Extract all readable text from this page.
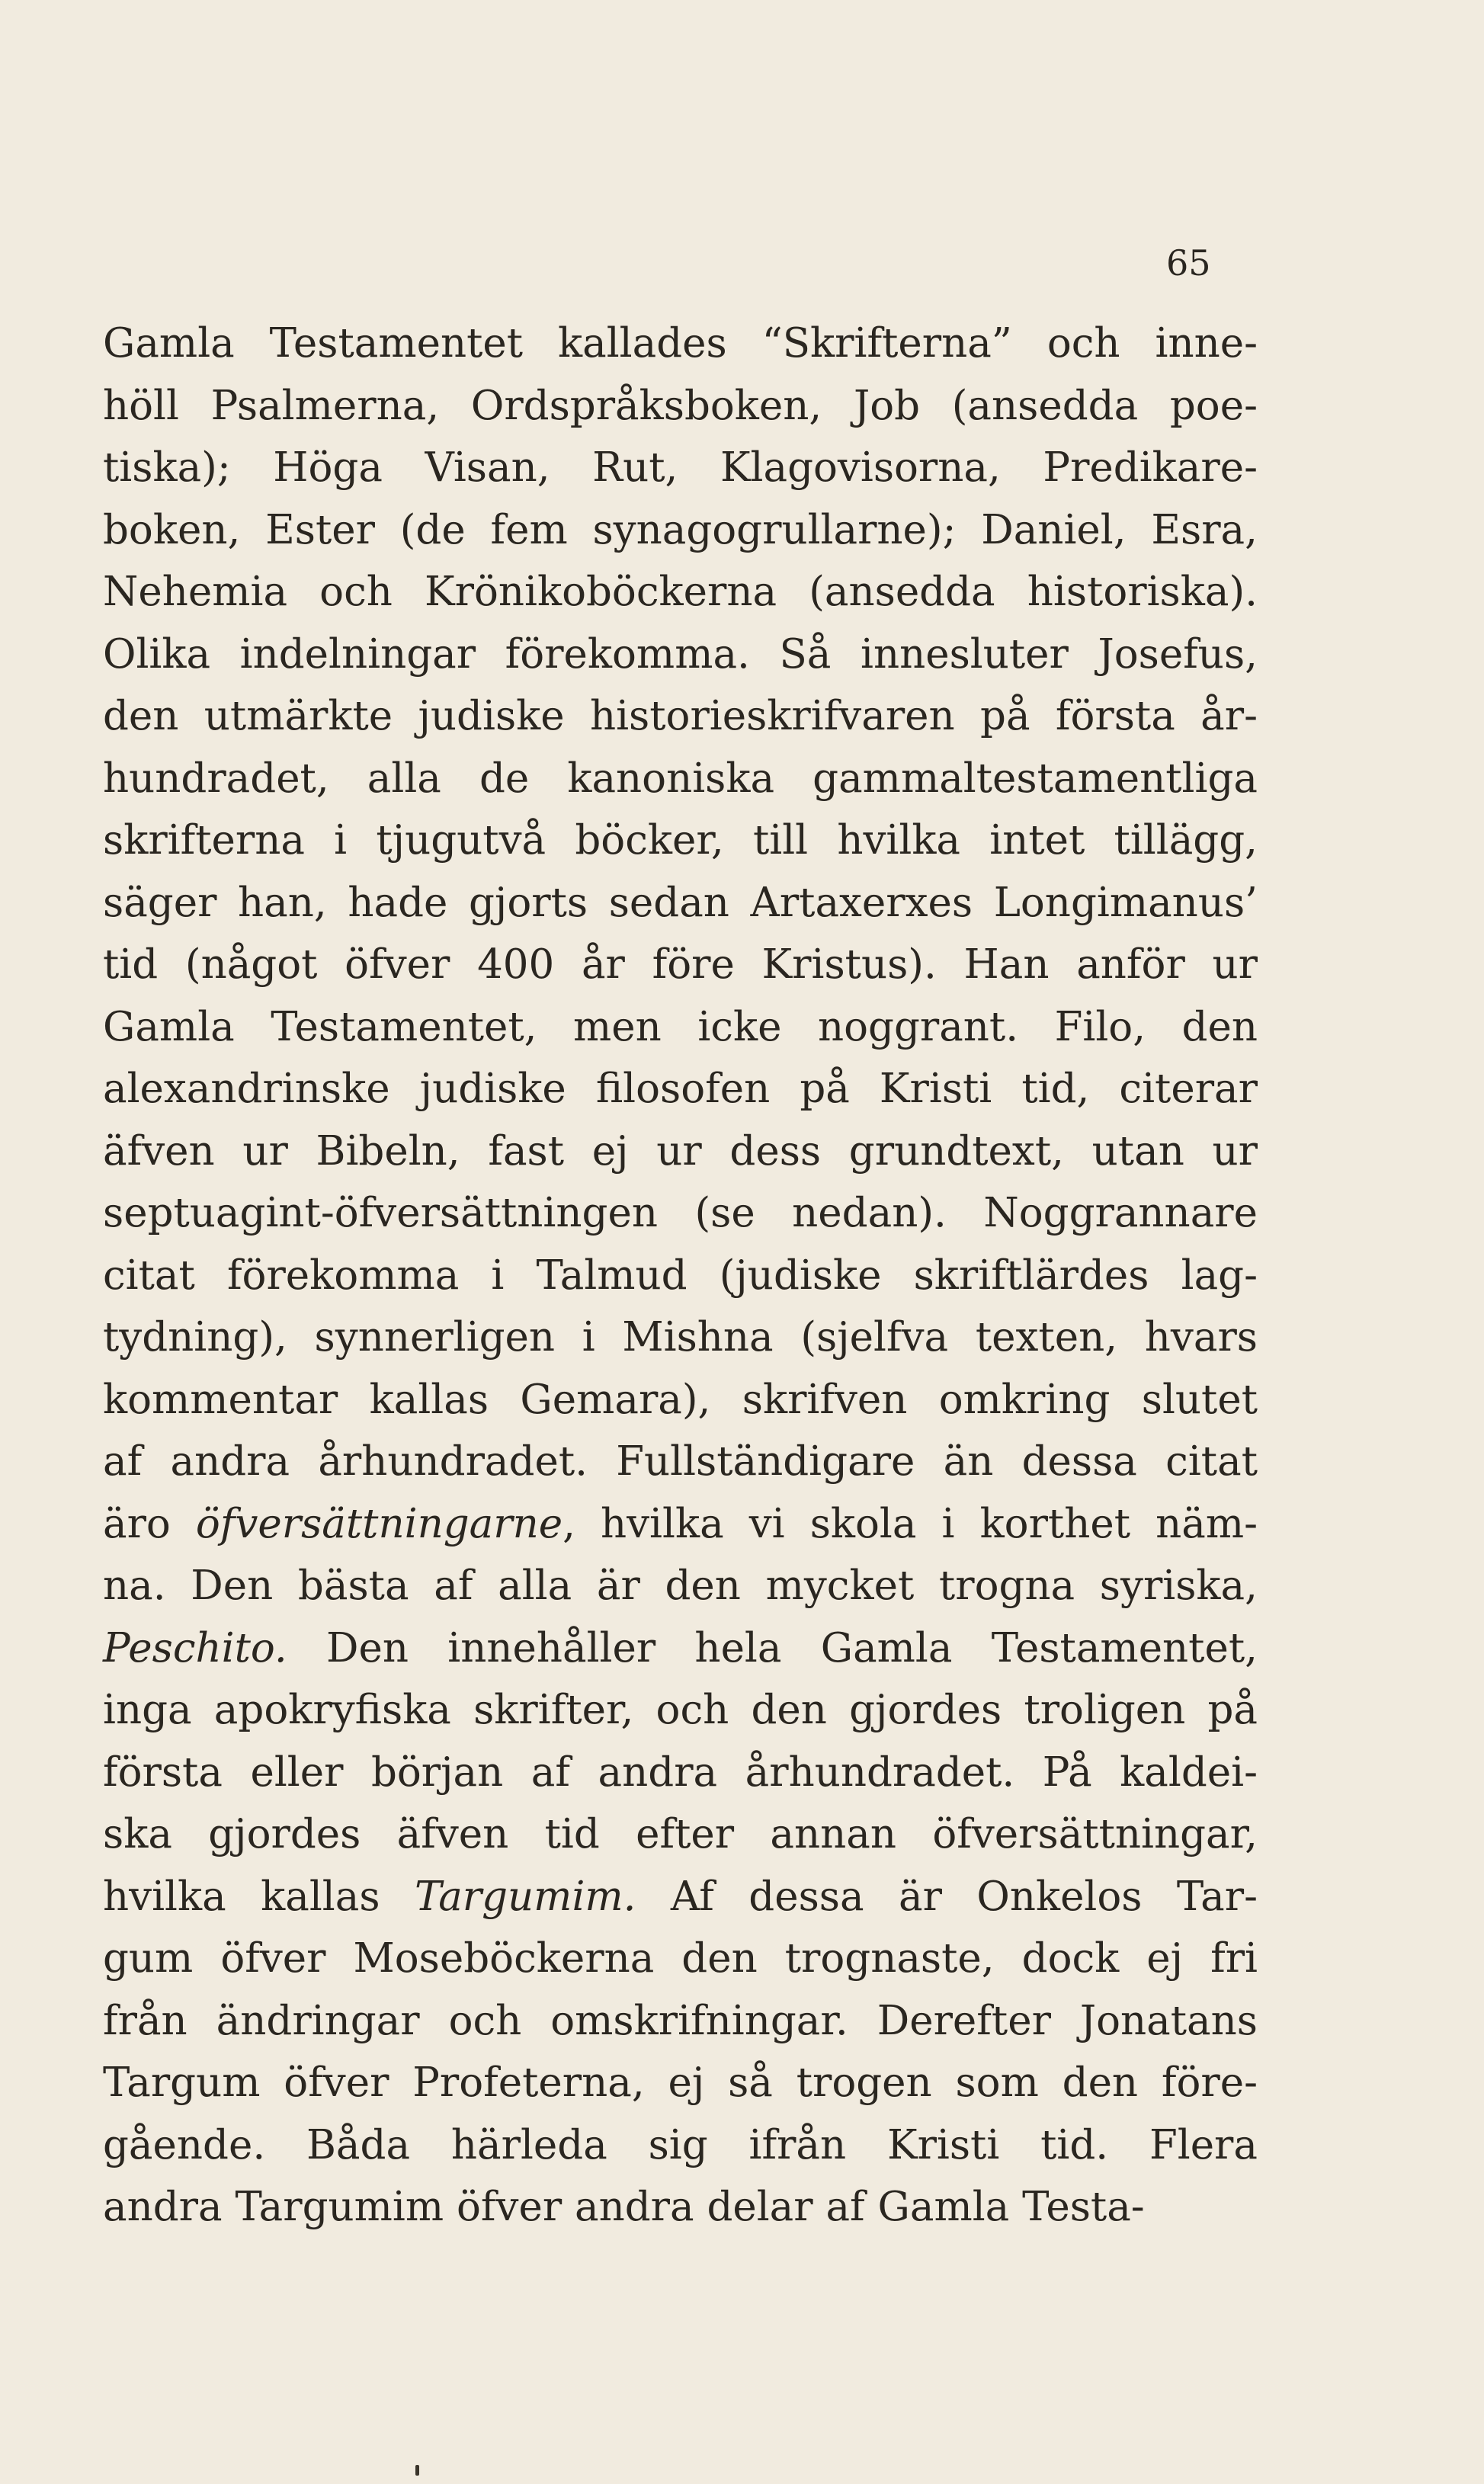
65
Gamla Testamentet kallades “Skrifterna” och inne-
höll Psalmerna, Ordspråksboken, Job (ansedda poe-
tiska); Höga Visan, Rut, Klagovisorna, Predikare-
boken, Ester (de fem synagogrullarne); Daniel, Esra,
Nehemia och Krönikoböckerna (ansedda historiska).
Olika indelningar förekomma. Så innesluter Josefus,
den utmärkte judiske historieskrifvaren på första år-
hundradet, alla de kanoniska gammaltestamentliga
skrifterna i tjugutvå böcker, till hvilka intet tillägg,
säger han, hade gjorts sedan Artaxerxes Longimanus’
tid (något öfver 400 år före Kristus). Han anför ur
Gamla Testamentet, men icke noggrant. Filo, den
alexandrinske judiske filosofen på Kristi tid, citerar
äfven ur Bibeln, fast ej ur dess grundtext, utan ur
septuagint-öfversättningen (se nedan). Noggrannare
citat förekomma i Talmud (judiske skriftlärdes lag-
tydning), synnerligen i Mishna (sjelfva texten, hvars
kommentar kallas Gemara), skrifven omkring slutet
af andra århundradet. Fullständigare än dessa citat
äro öfversättningarne, hvilka vi skola i korthet näm-
na. Den bästa af alla är den mycket trogna syriska,
Peschito. Den innehåller hela Gamla Testamentet,
inga apokryfiska skrifter, och den gjordes troligen på
första eller början af andra århundradet. På kaldei-
ska gjordes äfven tid efter annan öfversättningar,
hvilka kallas Targumim. Af dessa är Onkelos Tar-
gum öfver Moseböckerna den trognaste, dock ej fri
från ändringar och omskrifningar. Derefter Jonatans
Targum öfver Profeterna, ej så trogen som den före-
gående. Båda härleda sig ifrån Kristi tid. Flera
andra Targumim öfver andra delar af Gamla Testa-
